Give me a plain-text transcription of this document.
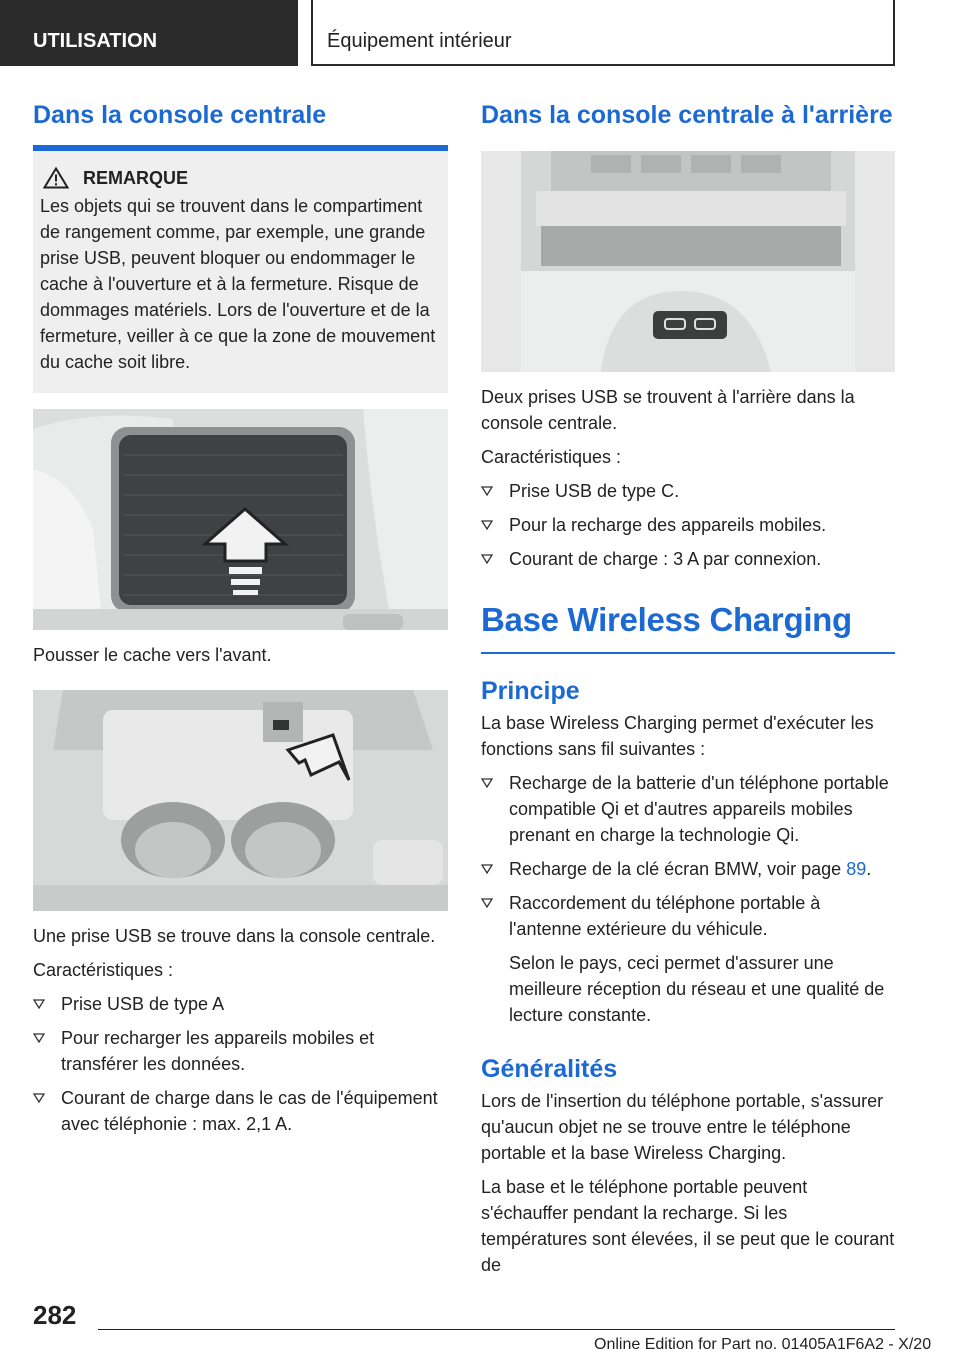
UTILISATION	Équipement intérieur
Dans la console centrale
REMARQUE

Les objets qui se trouvent dans le compartiment de rangement comme, par exemple, une grande prise USB, peuvent bloquer ou endommager le cache à l'ouverture et à la fermeture. Risque de dommages matériels. Lors de l'ouverture et de la fermeture, veiller à ce que la zone de mouvement du cache soit libre.

Pousser le cache vers l'avant.

Une prise USB se trouve dans la console centrale.

Caractéristiques :

Prise USB de type A
Pour recharger les appareils mobiles et transférer les données.
Courant de charge dans le cas de l'équipement avec téléphonie : max. 2,1 A.
Dans la console centrale à l'arrière

Deux prises USB se trouvent à l'arrière dans la console centrale.

Caractéristiques :

Prise USB de type C.
Pour la recharge des appareils mobiles.
Courant de charge : 3 A par connexion.
Base Wireless Charging
Principe

La base Wireless Charging permet d'exécuter les fonctions sans fil suivantes :

Recharge de la batterie d'un téléphone portable compatible Qi et d'autres appareils mobiles prenant en charge la technologie Qi.
Recharge de la clé écran BMW, voir page 89.
Raccordement du téléphone portable à l'antenne extérieure du véhicule.

Selon le pays, ceci permet d'assurer une meilleure réception du réseau et une qualité de lecture constante.

Généralités

Lors de l'insertion du téléphone portable, s'assurer qu'aucun objet ne se trouve entre le téléphone portable et la base Wireless Charging.

La base et le téléphone portable peuvent s'échauffer pendant la recharge. Si les températures sont élevées, il se peut que le courant de

282
Online Edition for Part no. 01405A1F6A2 - X/20
